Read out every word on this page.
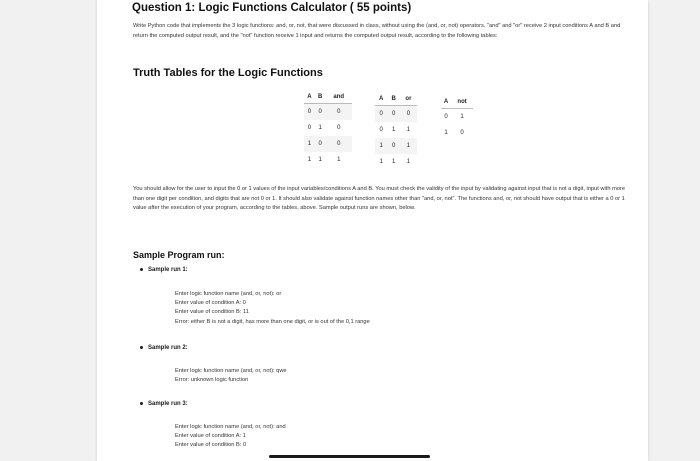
Question 1: Logic Functions Calculator ( 55 points)
Write Python code that implements the 3 logic functions: and, or, not, that were discussed in class, without using the (and, or, not) operators. "and" and "or" receive 2 input conditions A and B and return the computed output result, and the "not" function receive 1 input and returns the computed output result, according to the following tables:
Truth Tables for the Logic Functions
A	B	and
0	0	0
0	1	0
1	0	0
1	1	1
A	B	or
0	0	0
0	1	1
1	0	1
1	1	1
A	not
0	1
1	0
You should allow for the user to input the 0 or 1 values of the input variables/conditions A and B. You must check the validity of the input by validating against input that is not a digit, input with more than one digit per condition, and digits that are not 0 or 1. It should also validate against function names other than "and, or, not". The functions and, or, not should have output that is either a 0 or 1 value after the execution of your program, according to the tables, above. Sample output runs are shown, below.
Sample Program run:
Sample run 1:
Enter logic function name (and, or, not): or
Enter value of condition A: 0
Enter value of condition B: 11
Error: either B is not a digit, has more than one digit, or is out of the 0,1 range
Sample run 2:
Enter logic function name (and, or, not): qwe
Error: unknown logic function
Sample run 3:
Enter logic function name (and, or, not): and
Enter value of condition A: 1
Enter value of condition B: 0
